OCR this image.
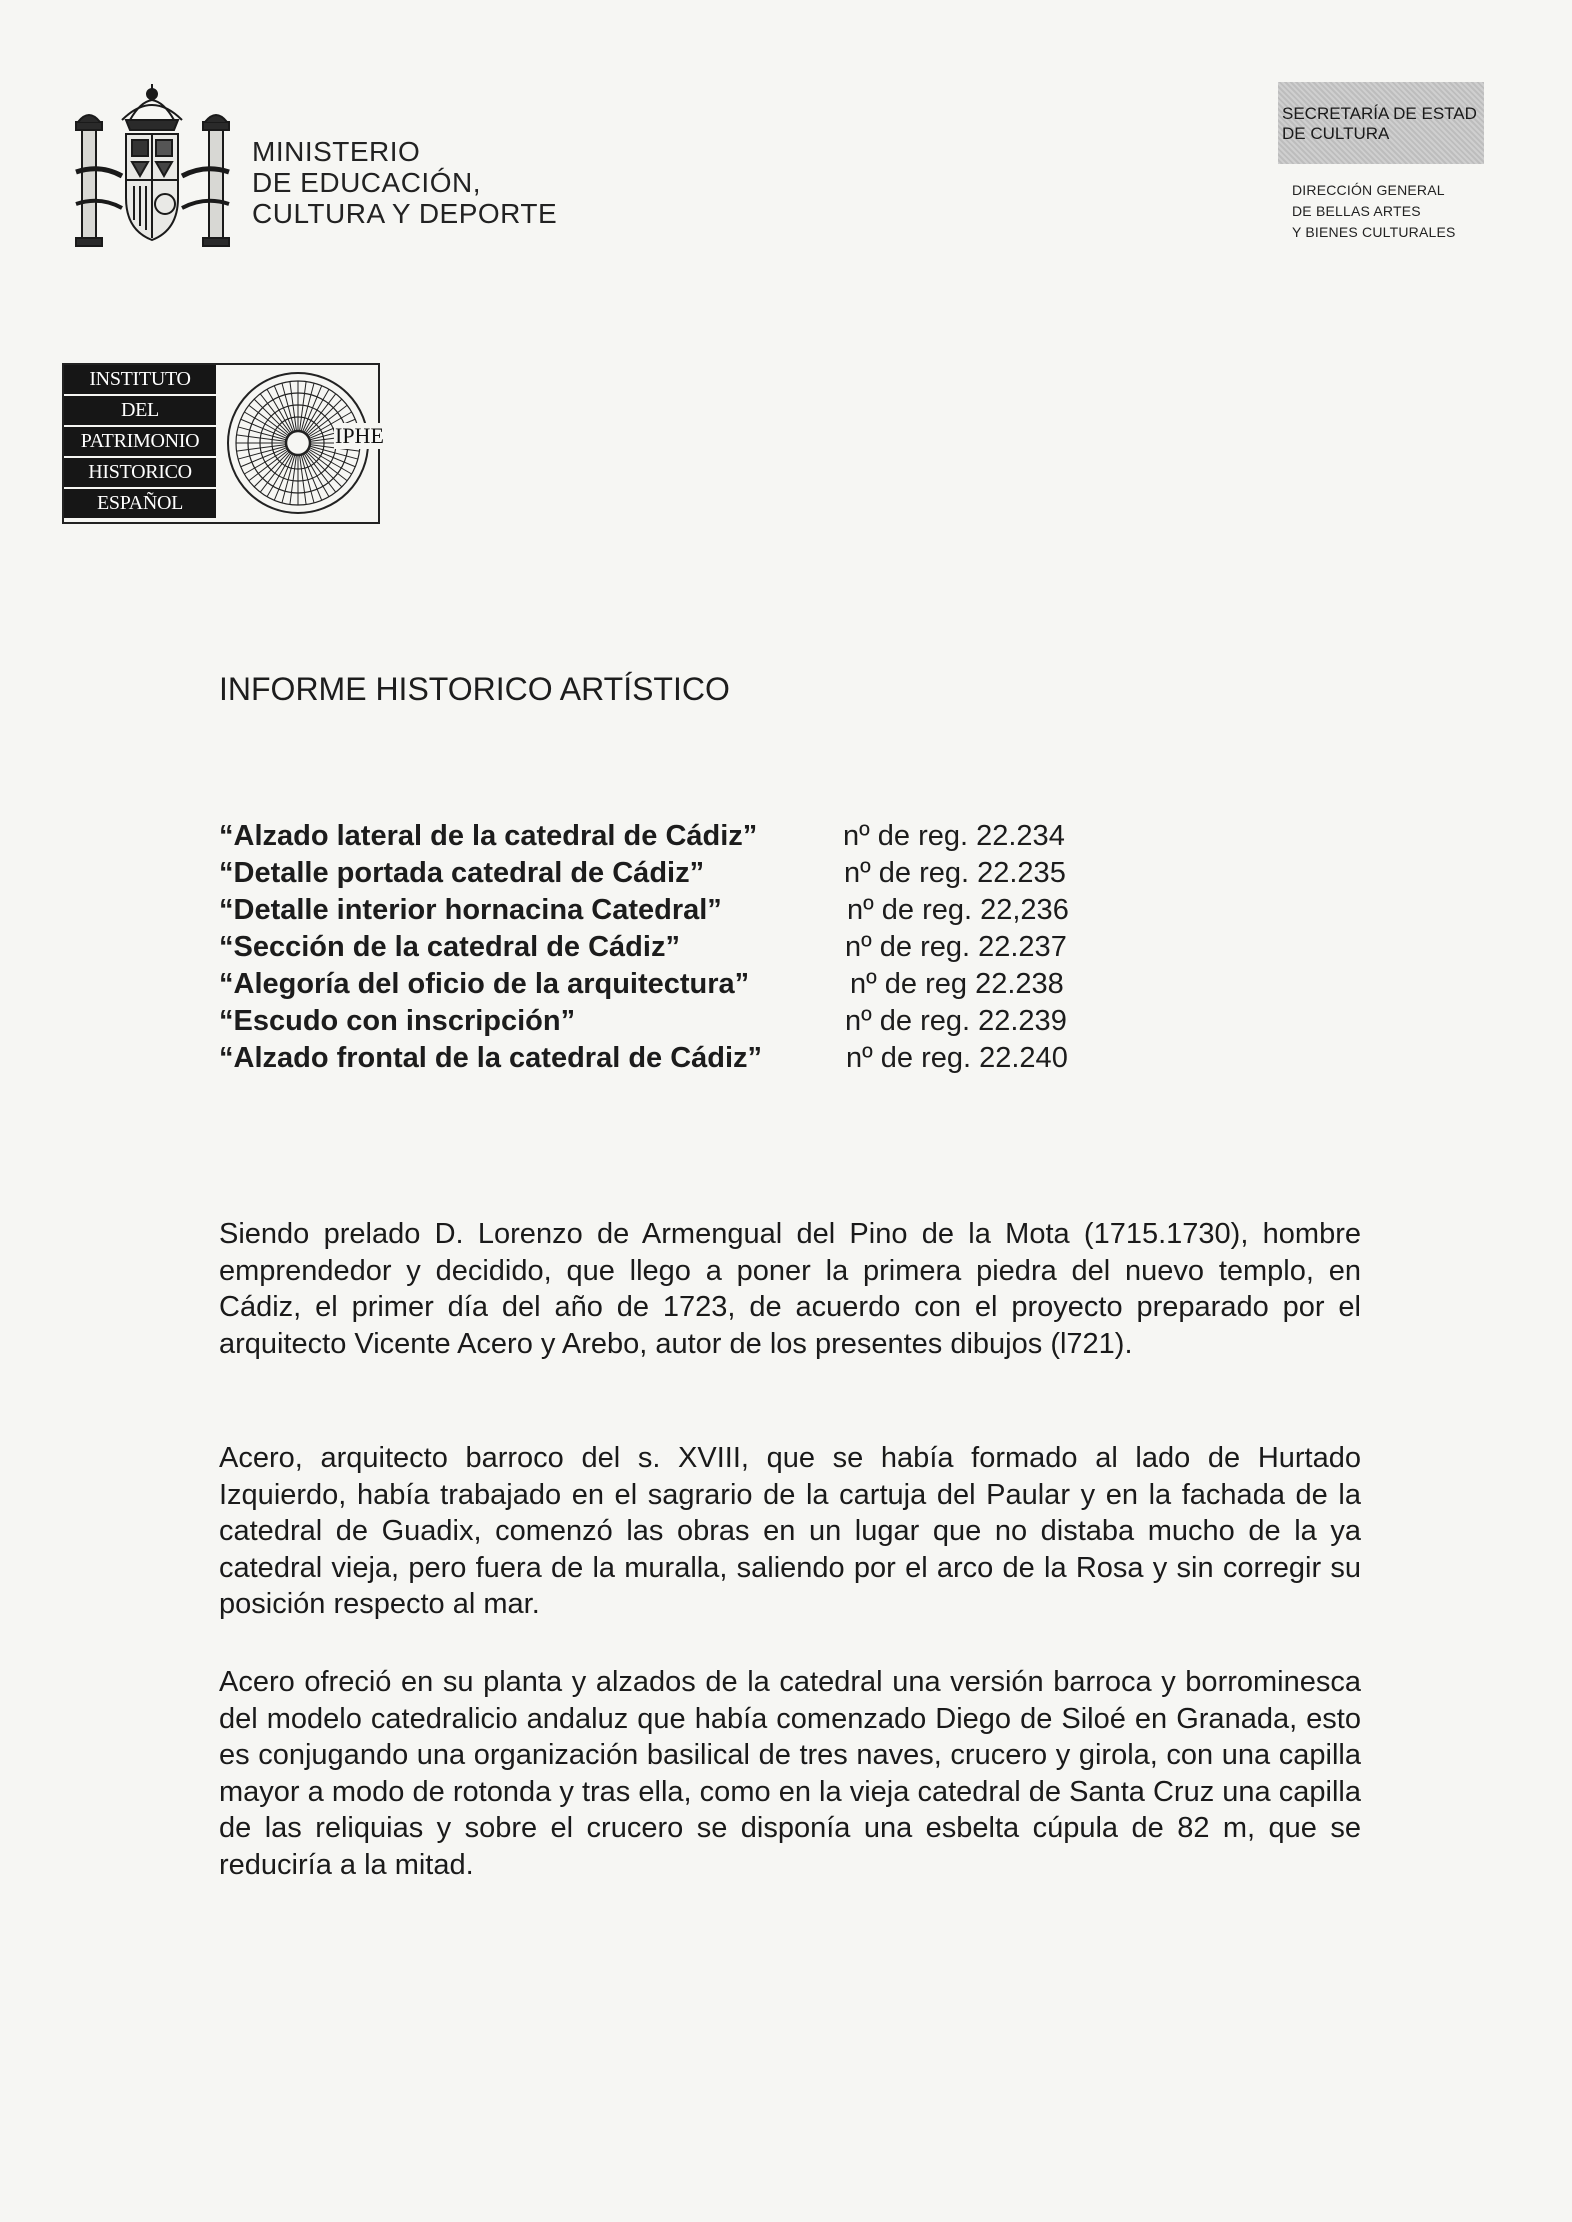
MINISTERIO
DE EDUCACIÓN,
CULTURA Y DEPORTE
SECRETARÍA DE ESTAD
DE CULTURA
DIRECCIÓN GENERAL
DE BELLAS ARTES
Y BIENES CULTURALES
INSTITUTO
DEL
PATRIMONIO
HISTORICO
ESPAÑOL
IPHE
INFORME HISTORICO ARTÍSTICO
“Alzado lateral de la catedral de Cádiz”	nº de reg. 22.234
“Detalle portada catedral de Cádiz”	nº de reg. 22.235
“Detalle interior hornacina Catedral”	nº de reg. 22,236
“Sección de la catedral de Cádiz”	nº de reg. 22.237
“Alegoría del oficio de la arquitectura”	nº de reg 22.238
“Escudo con inscripción”	nº de reg. 22.239
“Alzado frontal de la catedral de Cádiz”	nº de reg. 22.240

Siendo prelado D. Lorenzo de Armengual del Pino de la Mota (1715.1730), hombre emprendedor y decidido, que llego a poner la primera piedra del nuevo templo, en Cádiz, el primer día del año de 1723, de acuerdo con el proyecto preparado por el arquitecto Vicente Acero y Arebo, autor de los presentes dibujos (l721).

Acero, arquitecto barroco del s. XVIII, que se había formado al lado de Hurtado Izquierdo, había trabajado en el sagrario de la cartuja del Paular y en la fachada de la catedral de Guadix, comenzó las obras en un lugar que no distaba mucho de la ya catedral vieja, pero fuera de la muralla, saliendo por el arco de la Rosa y sin corregir su posición respecto al mar.

Acero ofreció en su planta y alzados de la catedral una versión barroca y borrominesca del modelo catedralicio andaluz que había comenzado Diego de Siloé en Granada, esto es conjugando una organización basilical de tres naves, crucero y girola, con una capilla mayor a modo de rotonda y tras ella, como en la vieja catedral de Santa Cruz una capilla de las reliquias y sobre el crucero se disponía una esbelta cúpula de 82 m, que se reduciría a la mitad.
